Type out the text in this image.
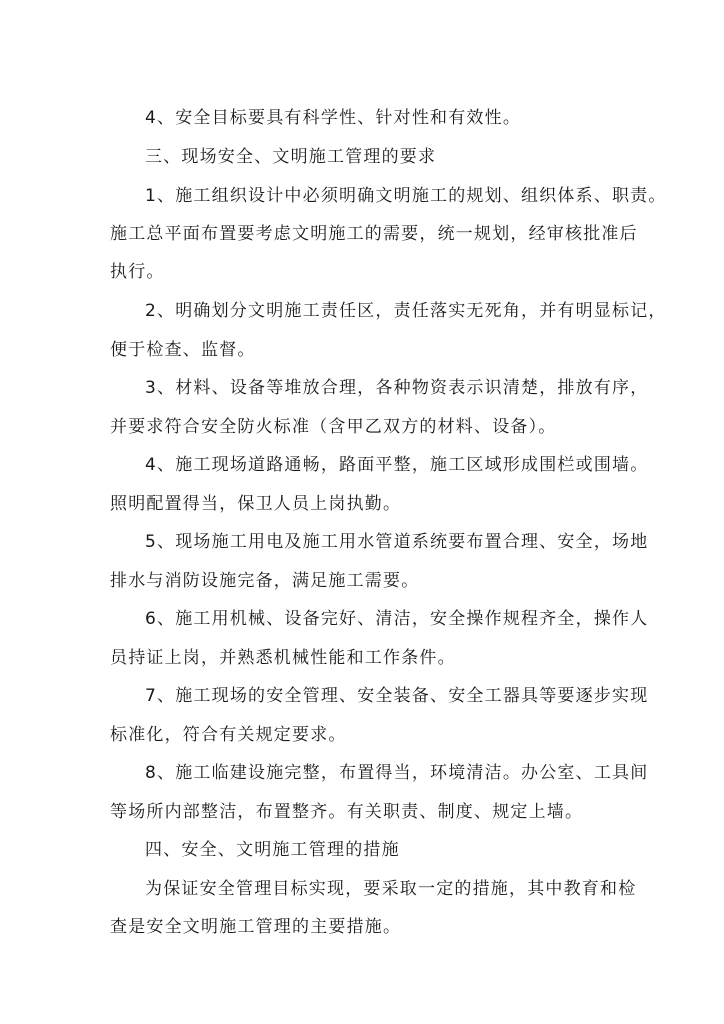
4、安全目标要具有科学性、针对性和有效性。
三、现场安全、文明施工管理的要求
1、施工组织设计中必须明确文明施工的规划、组织体系、职责。
施工总平面布置要考虑文明施工的需要，统一规划，经审核批准后
执行。
2、明确划分文明施工责任区，责任落实无死角，并有明显标记，
便于检查、监督。
3、材料、设备等堆放合理，各种物资表示识清楚，排放有序，
并要求符合安全防火标准（含甲乙双方的材料、设备）。
4、施工现场道路通畅，路面平整，施工区域形成围栏或围墙。
照明配置得当，保卫人员上岗执勤。
5、现场施工用电及施工用水管道系统要布置合理、安全，场地
排水与消防设施完备，满足施工需要。
6、施工用机械、设备完好、清洁，安全操作规程齐全，操作人
员持证上岗，并熟悉机械性能和工作条件。
7、施工现场的安全管理、安全装备、安全工器具等要逐步实现
标准化，符合有关规定要求。
8、施工临建设施完整，布置得当，环境清洁。办公室、工具间
等场所内部整洁，布置整齐。有关职责、制度、规定上墙。
四、安全、文明施工管理的措施
为保证安全管理目标实现，要采取一定的措施，其中教育和检
查是安全文明施工管理的主要措施。
